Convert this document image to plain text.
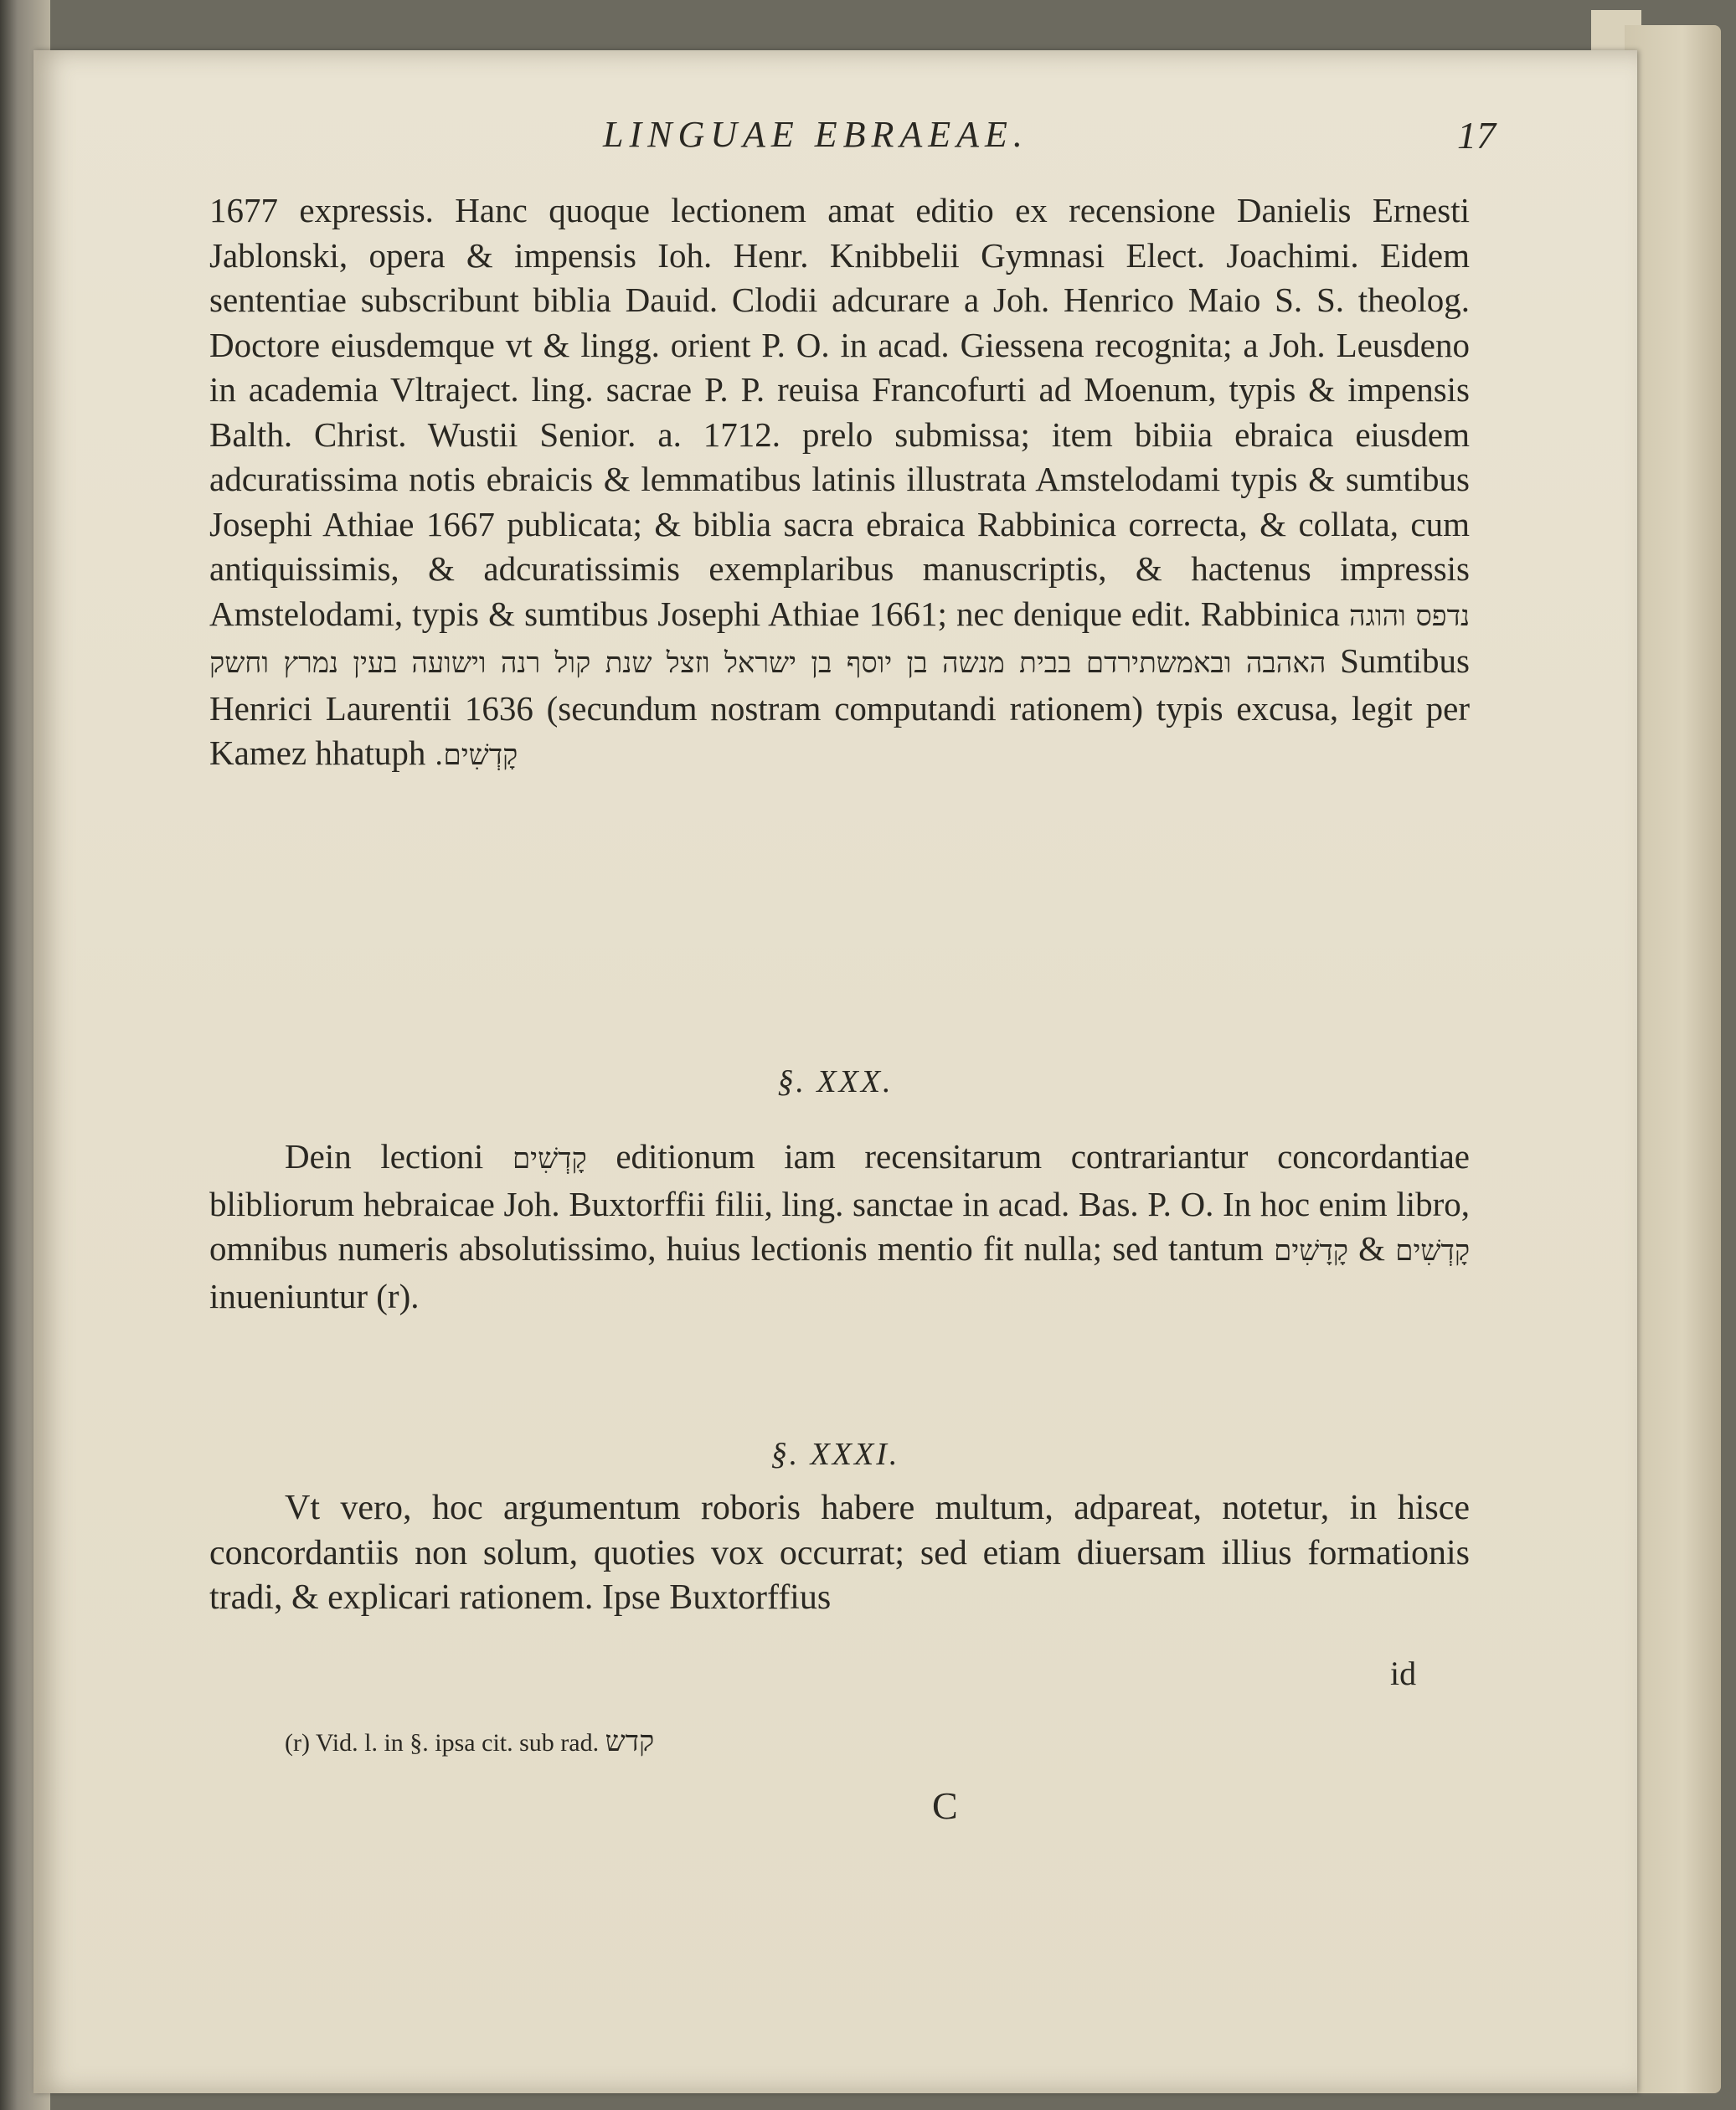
LINGUAE EBRAEAE.	17

1677 expressis. Hanc quoque lectionem amat editio ex recensione Danielis Ernesti Jablonski, opera & impensis Ioh. Henr. Knibbelii Gymnasi Elect. Joachimi. Eidem sententiae subscribunt biblia Dauid. Clodii adcurare a Joh. Henrico Maio S. S. theolog. Doctore eiusdemque vt & lingg. orient P. O. in acad. Giessena recognita; a Joh. Leusdeno in academia Vltraject. ling. sacrae P. P. reuisa Francofurti ad Moenum, typis & impensis Balth. Christ. Wustii Senior. a. 1712. prelo submissa; item bibiia ebraica eiusdem adcuratissima notis ebraicis & lemmatibus latinis illustrata Amstelodami typis & sumtibus Josephi Athiae 1667 publicata; & biblia sacra ebraica Rabbinica correcta, & collata, cum antiquissimis, & adcuratissimis exemplaribus manuscriptis, & hactenus impressis Amstelodami, typis & sumtibus Josephi Athiae 1661; nec denique edit. Rabbinica נדפס והוגה בעין נמרץ וחשק האהבה ובאמשתירדם בבית מנשה בן יוסף בן ישראל וזצל שנת קול רנה וישועה Sumtibus Henrici Laurentii 1636 (secundum nostram computandi rationem) typis excusa, legit per Kamez hhatuph קָדְשִׁים.

§. XXX.

Dein lectioni קָדְשִׁים editionum iam recensitarum contrariantur concordantiae blibliorum hebraicae Joh. Buxtorffii filii, ling. sanctae in acad. Bas. P. O. In hoc enim libro, omnibus numeris absolutissimo, huius lectionis mentio fit nulla; sed tantum קָדָשִׁים & קָדְשִׁים inueniuntur (r).

§. XXXI.

Vt vero, hoc argumentum roboris habere multum, adpareat, notetur, in hisce concordantiis non solum, quoties vox occurrat; sed etiam diuersam illius formationis tradi, & explicari rationem. Ipse Buxtorffius

id
(r) Vid. l. in §. ipsa cit. sub rad. קדש
C
